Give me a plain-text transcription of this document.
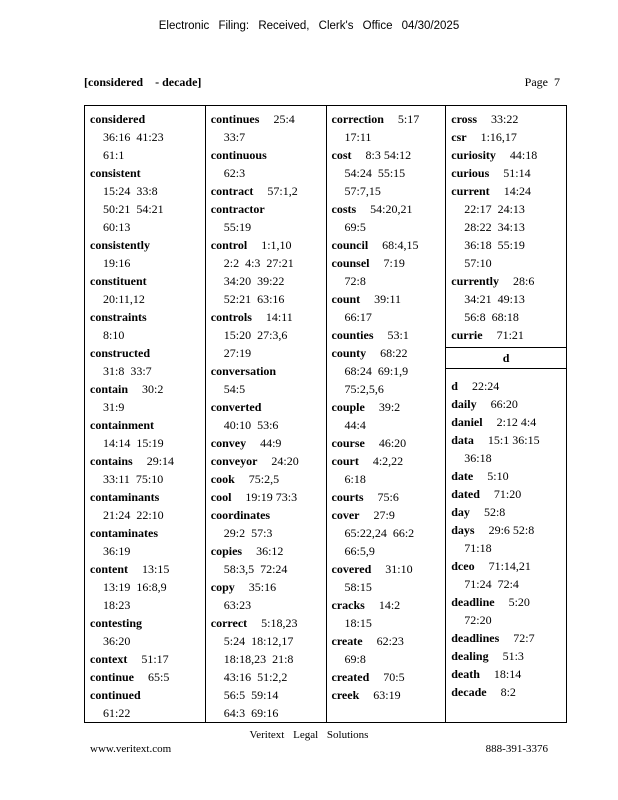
Electronic Filing: Received, Clerk's Office 04/30/2025
[considered    - decade]	Page  7
considered
36:16  41:23
61:1
consistent
15:24  33:8
50:21  54:21
60:13
consistently
19:16
constituent
20:11,12
constraints
8:10
constructed
31:8  33:7
contain 30:2
31:9
containment
14:14  15:19
contains 29:14
33:11  75:10
contaminants
21:24  22:10
contaminates
36:19
content 13:15
13:19  16:8,9
18:23
contesting
36:20
context 51:17
continue 65:5
continued
61:22
continues 25:4
33:7
continuous
62:3
contract 57:1,2
contractor
55:19
control 1:1,10
2:2  4:3  27:21
34:20  39:22
52:21  63:16
controls 14:11
15:20  27:3,6
27:19
conversation
54:5
converted
40:10  53:6
convey 44:9
conveyor 24:20
cook 75:2,5
cool 19:19 73:3
coordinates
29:2  57:3
copies 36:12
58:3,5  72:24
copy 35:16
63:23
correct 5:18,23
5:24  18:12,17
18:18,23  21:8
43:16  51:2,2
56:5  59:14
64:3  69:16
correction 5:17
17:11
cost 8:3 54:12
54:24  55:15
57:7,15
costs 54:20,21
69:5
council 68:4,15
counsel 7:19
72:8
count 39:11
66:17
counties 53:1
county 68:22
68:24  69:1,9
75:2,5,6
couple 39:2
44:4
course 46:20
court 4:2,22
6:18
courts 75:6
cover 27:9
65:22,24  66:2
66:5,9
covered 31:10
58:15
cracks 14:2
18:15
create 62:23
69:8
created 70:5
creek 63:19
cross 33:22
csr 1:16,17
curiosity 44:18
curious 51:14
current 14:24
22:17  24:13
28:22  34:13
36:18  55:19
57:10
currently 28:6
34:21  49:13
56:8  68:18
currie 71:21
d
d 22:24
daily 66:20
daniel 2:12 4:4
data 15:1 36:15
36:18
date 5:10
dated 71:20
day 52:8
days 29:6 52:8
71:18
dceo 71:14,21
71:24  72:4
deadline 5:20
72:20
deadlines 72:7
dealing 51:3
death 18:14
decade 8:2
Veritext Legal Solutions
www.veritext.com	888-391-3376
